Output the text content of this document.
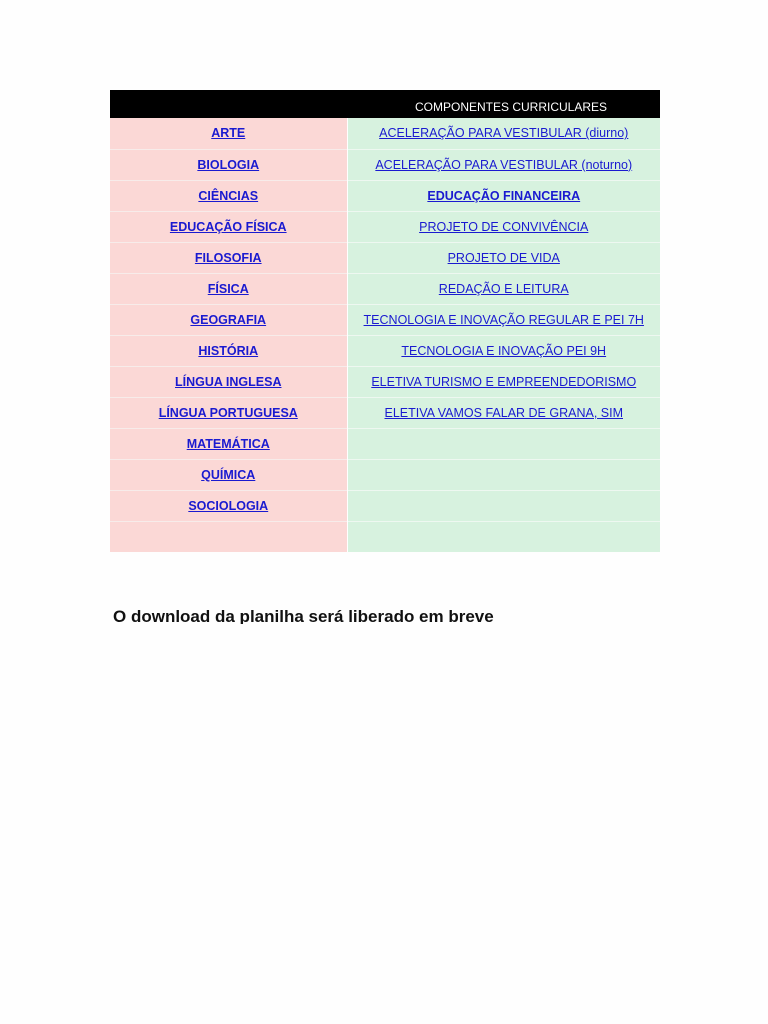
COMPONENTES CURRICULARES
ARTE	ACELERAÇÃO PARA VESTIBULAR (diurno)
BIOLOGIA	ACELERAÇÃO PARA VESTIBULAR (noturno)
CIÊNCIAS	EDUCAÇÃO FINANCEIRA
EDUCAÇÃO FÍSICA	PROJETO DE CONVIVÊNCIA
FILOSOFIA	PROJETO DE VIDA
FÍSICA	REDAÇÃO E LEITURA
GEOGRAFIA	TECNOLOGIA E INOVAÇÃO REGULAR E PEI 7H
HISTÓRIA	TECNOLOGIA E INOVAÇÃO PEI 9H
LÍNGUA INGLESA	ELETIVA TURISMO E EMPREENDEDORISMO
LÍNGUA PORTUGUESA	ELETIVA VAMOS FALAR DE GRANA, SIM
MATEMÁTICA	
QUÍMICA	
SOCIOLOGIA	

O download da planilha será liberado em breve
